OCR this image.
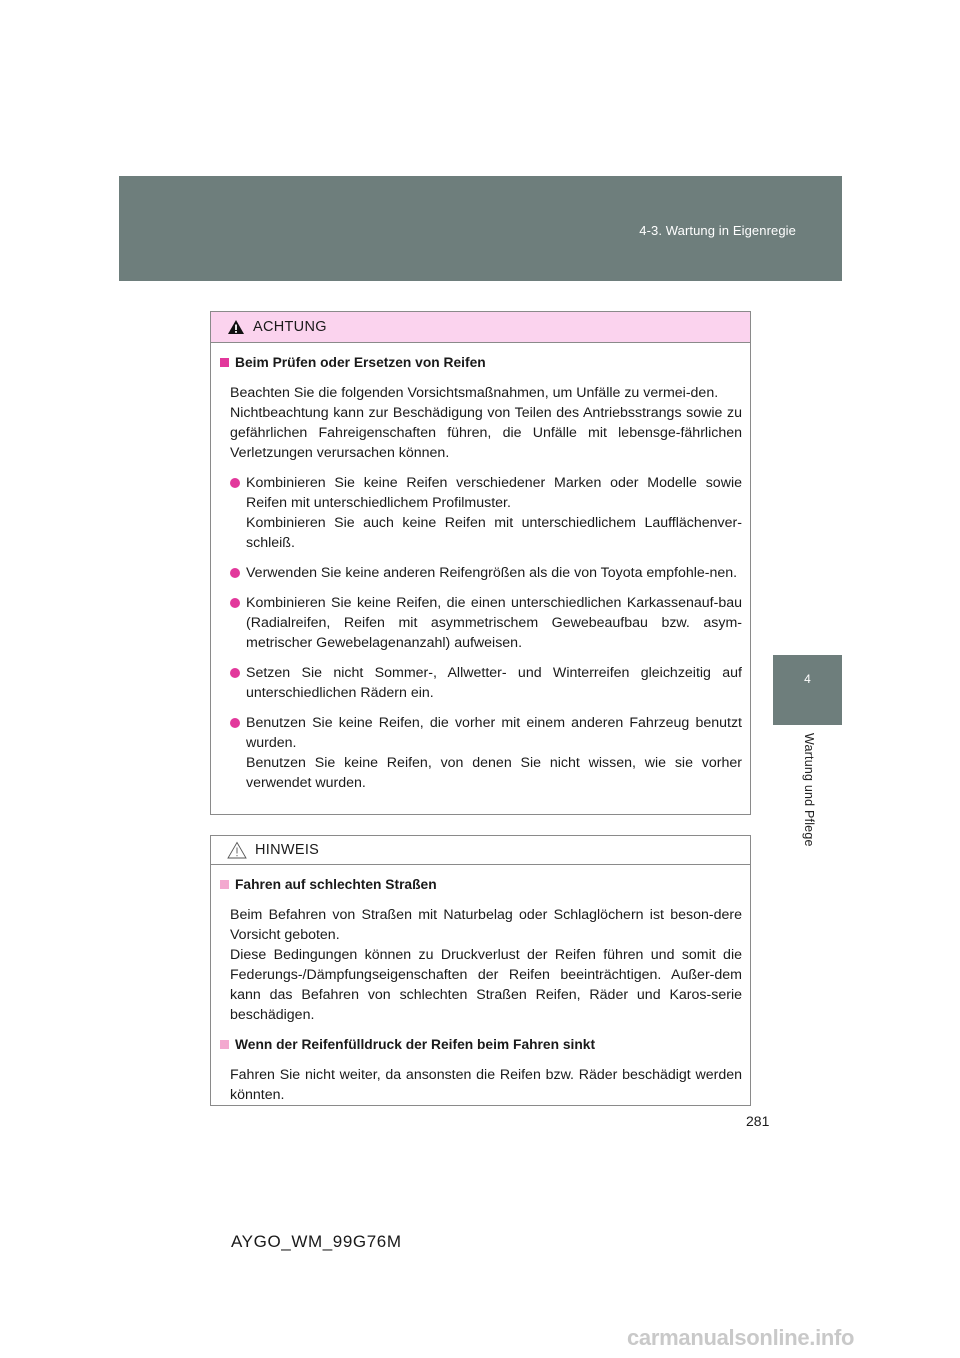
4-3. Wartung in Eigenregie
4
Wartung und Pflege
ACHTUNG
Beim Prüfen oder Ersetzen von Reifen
Beachten Sie die folgenden Vorsichtsmaßnahmen, um Unfälle zu vermei-den.
Nichtbeachtung kann zur Beschädigung von Teilen des Antriebsstrangs sowie zu gefährlichen Fahreigenschaften führen, die Unfälle mit lebensge-fährlichen Verletzungen verursachen können.
Kombinieren Sie keine Reifen verschiedener Marken oder Modelle sowie Reifen mit unterschiedlichem Profilmuster.
Kombinieren Sie auch keine Reifen mit unterschiedlichem Laufflächenver-schleiß.
Verwenden Sie keine anderen Reifengrößen als die von Toyota empfohle-nen.
Kombinieren Sie keine Reifen, die einen unterschiedlichen Karkassenauf-bau (Radialreifen, Reifen mit asymmetrischem Gewebeaufbau bzw. asym-metrischer Gewebelagenanzahl) aufweisen.
Setzen Sie nicht Sommer-, Allwetter- und Winterreifen gleichzeitig auf unterschiedlichen Rädern ein.
Benutzen Sie keine Reifen, die vorher mit einem anderen Fahrzeug benutzt wurden.
Benutzen Sie keine Reifen, von denen Sie nicht wissen, wie sie vorher verwendet wurden.
HINWEIS
Fahren auf schlechten Straßen
Beim Befahren von Straßen mit Naturbelag oder Schlaglöchern ist beson-dere Vorsicht geboten.
Diese Bedingungen können zu Druckverlust der Reifen führen und somit die Federungs-/Dämpfungseigenschaften der Reifen beeinträchtigen. Außer-dem kann das Befahren von schlechten Straßen Reifen, Räder und Karos-serie beschädigen.
Wenn der Reifenfülldruck der Reifen beim Fahren sinkt
Fahren Sie nicht weiter, da ansonsten die Reifen bzw. Räder beschädigt werden könnten.
281
AYGO_WM_99G76M
carmanualsonline.info
